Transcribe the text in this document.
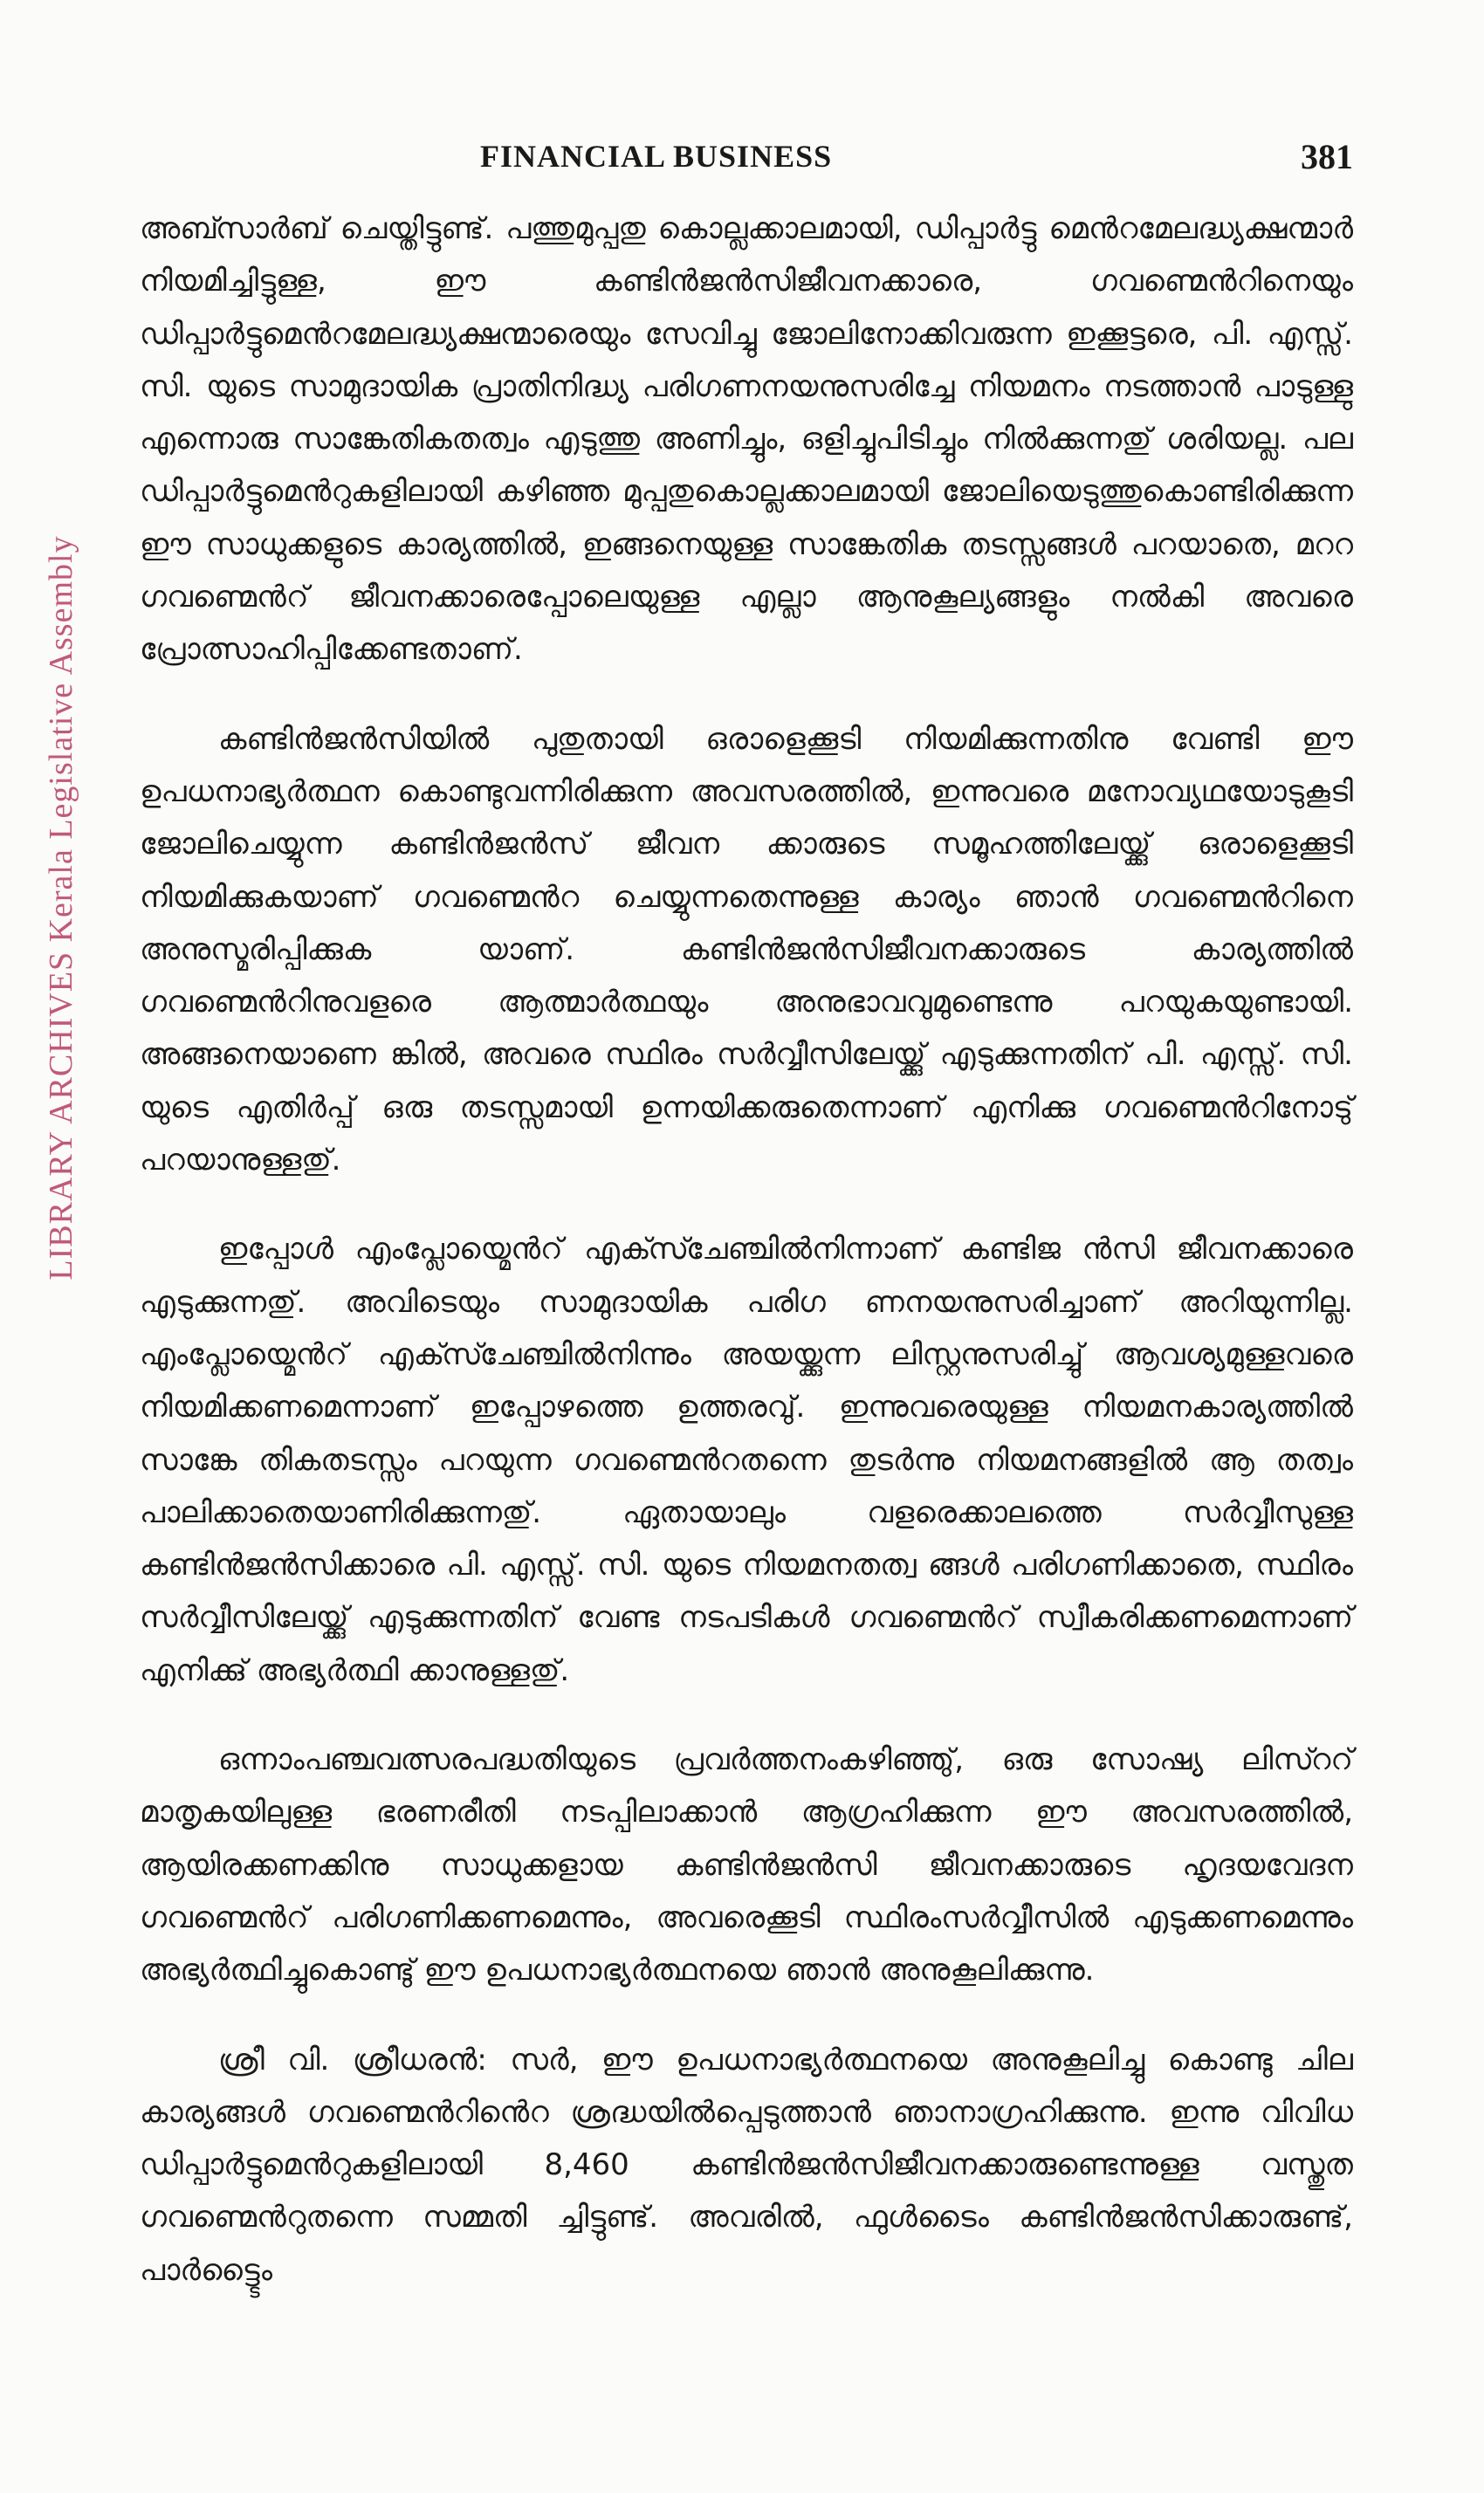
LIBRARY ARCHIVES Kerala Legislative Assembly
FINANCIAL BUSINESS	381

അബ്സാർബ് ചെയ്തിട്ടുണ്ട്. പത്തുമുപ്പതു കൊല്ലക്കാലമായി, ഡിപ്പാർട്ടു മെൻറമേലദ്ധ്യക്ഷന്മാർ നിയമിച്ചിട്ടുള്ള, ഈ കണ്ടിൻജൻസിജീവനക്കാരെ, ഗവണ്മെൻറിനെയും ഡിപ്പാർട്ടുമെൻറമേലദ്ധ്യക്ഷന്മാരെയും സേവിച്ചു ജോലിനോക്കിവരുന്ന ഇക്കൂട്ടരെ, പി. എസ്സ്. സി. യുടെ സാമുദായിക പ്രാതിനിദ്ധ്യ പരിഗണനയനുസരിച്ചേ നിയമനം നടത്താൻ പാടുള്ളു എന്നൊരു സാങ്കേതികതത്വം എടുത്തു അണിച്ചും, ഒളിച്ചുപിടിച്ചും നിൽക്കുന്നതു് ശരിയല്ല. പല ഡിപ്പാർട്ടുമെൻറുകളിലായി കഴിഞ്ഞ മുപ്പതുകൊല്ലക്കാലമായി ജോലിയെടുത്തുകൊണ്ടിരിക്കുന്ന ഈ സാധുക്കളുടെ കാര്യത്തിൽ, ഇങ്ങനെയുള്ള സാങ്കേതിക തടസ്സങ്ങൾ പറയാതെ, മററ ഗവണ്മെൻറ് ജീവനക്കാരെപ്പോലെയുള്ള എല്ലാ ആനുകൂല്യങ്ങളും നൽകി അവരെ പ്രോത്സാഹിപ്പിക്കേണ്ടതാണ്.

കണ്ടിൻജൻസിയിൽ പുതുതായി ഒരാളെക്കൂടി നിയമിക്കുന്നതിനു വേണ്ടി ഈ ഉപധനാഭ്യർത്ഥന കൊണ്ടുവന്നിരിക്കുന്ന അവസരത്തിൽ, ഇന്നുവരെ മനോവ്യഥയോടുകൂടി ജോലിചെയ്യുന്ന കണ്ടിൻജൻസ് ജീവന ക്കാരുടെ സമൂഹത്തിലേയ്ക്കു് ഒരാളെക്കൂടി നിയമിക്കുകയാണ് ഗവണ്മെൻറ ചെയ്യുന്നതെന്നുള്ള കാര്യം ഞാൻ ഗവണ്മെൻറിനെ അനുസ്മരിപ്പിക്കുക യാണ്. കണ്ടിൻജൻസിജീവനക്കാരുടെ കാര്യത്തിൽ ഗവണ്മെൻറിനുവളരെ ആത്മാർത്ഥയും അനുഭാവവുമുണ്ടെന്നു പറയുകയുണ്ടായി. അങ്ങനെയാണെ ങ്കിൽ, അവരെ സ്ഥിരം സർവ്വീസിലേയ്ക്കു് എടുക്കുന്നതിന് പി. എസ്സ്. സി. യുടെ എതിർപ്പ് ഒരു തടസ്സമായി ഉന്നയിക്കരുതെന്നാണ് എനിക്കു ഗവണ്മെൻറിനോടു് പറയാനുള്ളതു്.

ഇപ്പോൾ എംപ്ലോയ്മെൻറ് എക്സ്ചേഞ്ചിൽനിന്നാണ് കണ്ടിജ ൻസി ജീവനക്കാരെ എടുക്കുന്നതു്. അവിടെയും സാമുദായിക പരിഗ ണനയനുസരിച്ചാണ് അറിയുന്നില്ല. എംപ്ലോയ്മെൻറ് എക്സ്ചേഞ്ചിൽനിന്നും അയയ്ക്കുന്ന ലിസ്റ്റനുസരിച്ചു് ആവശ്യമുള്ളവരെ നിയമിക്കണമെന്നാണ് ഇപ്പോഴത്തെ ഉത്തരവു്. ഇന്നുവരെയുള്ള നിയമനകാര്യത്തിൽ സാങ്കേ തികതടസ്സം പറയുന്ന ഗവണ്മെൻറതന്നെ തുടർന്നു നിയമനങ്ങളിൽ ആ തത്വം പാലിക്കാതെയാണിരിക്കുന്നതു്. ഏതായാലും വളരെക്കാലത്തെ സർവ്വീസുള്ള കണ്ടിൻജൻസിക്കാരെ പി. എസ്സ്. സി. യുടെ നിയമനതത്വ ങ്ങൾ പരിഗണിക്കാതെ, സ്ഥിരം സർവ്വീസിലേയ്ക്കു് എടുക്കുന്നതിന് വേണ്ട നടപടികൾ ഗവണ്മെൻറ് സ്വീകരിക്കണമെന്നാണ് എനിക്കു് അഭ്യർത്ഥി ക്കാനുള്ളതു്.

ഒന്നാംപഞ്ചവത്സരപദ്ധതിയുടെ പ്രവർത്തനംകഴിഞ്ഞു്, ഒരു സോഷ്യ ലിസ്ററ് മാതൃകയിലുള്ള ഭരണരീതി നടപ്പിലാക്കാൻ ആഗ്രഹിക്കുന്ന ഈ അവസരത്തിൽ, ആയിരക്കണക്കിനു സാധുക്കളായ കണ്ടിൻജൻസി ജീവനക്കാരുടെ ഹൃദയവേദന ഗവണ്മെൻറ് പരിഗണിക്കണമെന്നും, അവരെക്കൂടി സ്ഥിരംസർവ്വീസിൽ എടുക്കണമെന്നും അഭ്യർത്ഥിച്ചുകൊണ്ടു് ഈ ഉപധനാഭ്യർത്ഥനയെ ഞാൻ അനുകൂലിക്കുന്നു.

ശ്രീ വി. ശ്രീധരൻ: സർ, ഈ ഉപധനാഭ്യർത്ഥനയെ അനുകൂലിച്ചു കൊണ്ടു ചില കാര്യങ്ങൾ ഗവണ്മെൻറിൻെറ ശ്രദ്ധയിൽപ്പെടുത്താൻ ഞാനാഗ്രഹിക്കുന്നു. ഇന്നു വിവിധ ഡിപ്പാർട്ടുമെൻറുകളിലായി 8,460 കണ്ടിൻജൻസിജീവനക്കാരുണ്ടെന്നുള്ള വസ്തുത ഗവണ്മെൻറുതന്നെ സമ്മതി ച്ചിട്ടുണ്ട്. അവരിൽ, ഫുൾടൈം കണ്ടിൻജൻസിക്കാരുണ്ട്, പാർട്ട്ടൈം
